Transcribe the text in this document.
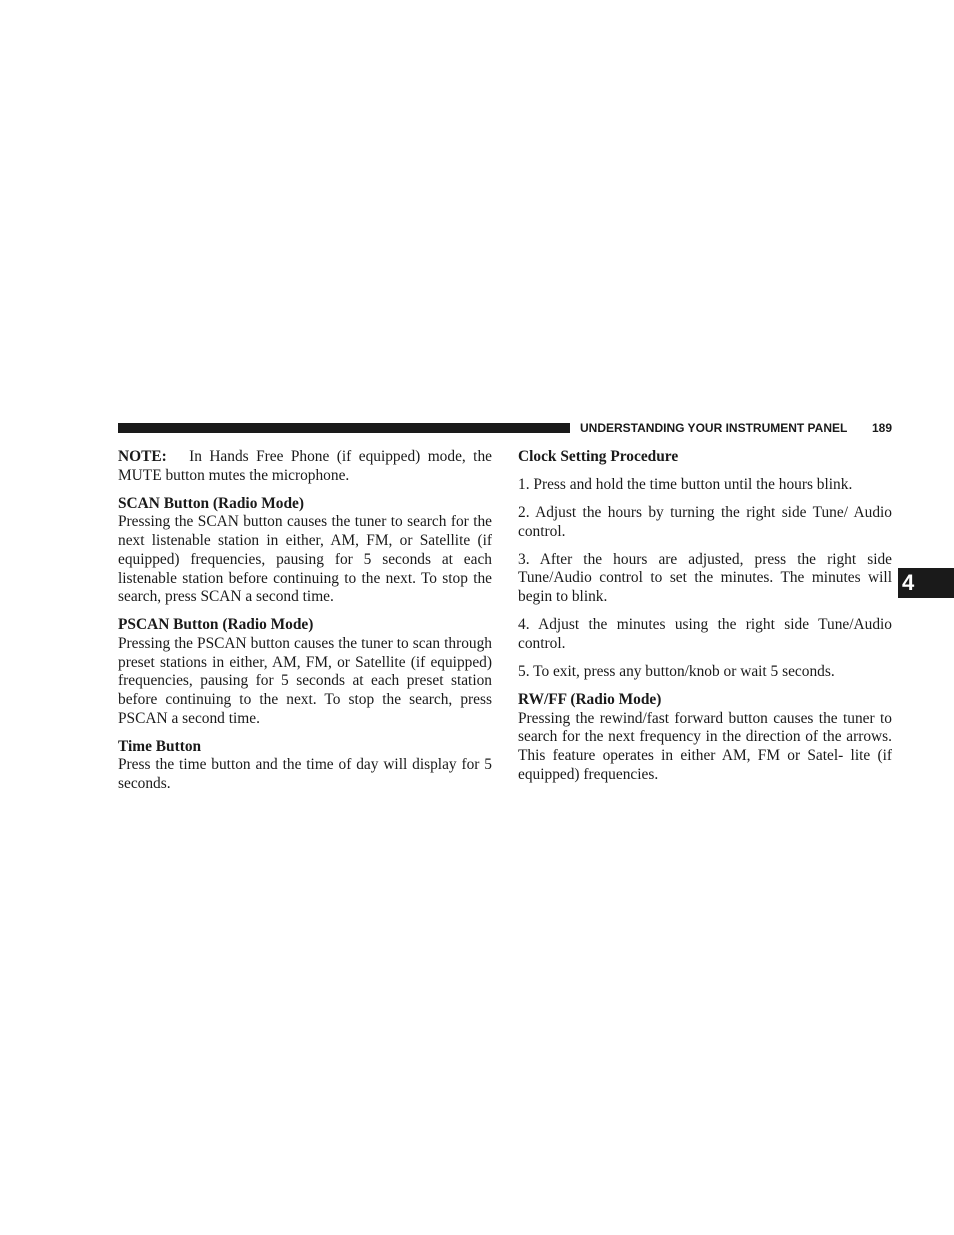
UNDERSTANDING YOUR INSTRUMENT PANEL 189
4

NOTE: In Hands Free Phone (if equipped) mode, the MUTE button mutes the microphone.

SCAN Button (Radio Mode)

Pressing the SCAN button causes the tuner to search for the next listenable station in either, AM, FM, or Satellite (if equipped) frequencies, pausing for 5 seconds at each listenable station before continuing to the next. To stop the search, press SCAN a second time.

PSCAN Button (Radio Mode)

Pressing the PSCAN button causes the tuner to scan through preset stations in either, AM, FM, or Satellite (if equipped) frequencies, pausing for 5 seconds at each preset station before continuing to the next. To stop the search, press PSCAN a second time.

Time Button

Press the time button and the time of day will display for 5 seconds.

Clock Setting Procedure

1. Press and hold the time button until the hours blink.

2. Adjust the hours by turning the right side Tune/ Audio control.

3. After the hours are adjusted, press the right side Tune/Audio control to set the minutes. The minutes will begin to blink.

4. Adjust the minutes using the right side Tune/Audio control.

5. To exit, press any button/knob or wait 5 seconds.

RW/FF (Radio Mode)

Pressing the rewind/fast forward button causes the tuner to search for the next frequency in the direction of the arrows. This feature operates in either AM, FM or Satel- lite (if equipped) frequencies.
